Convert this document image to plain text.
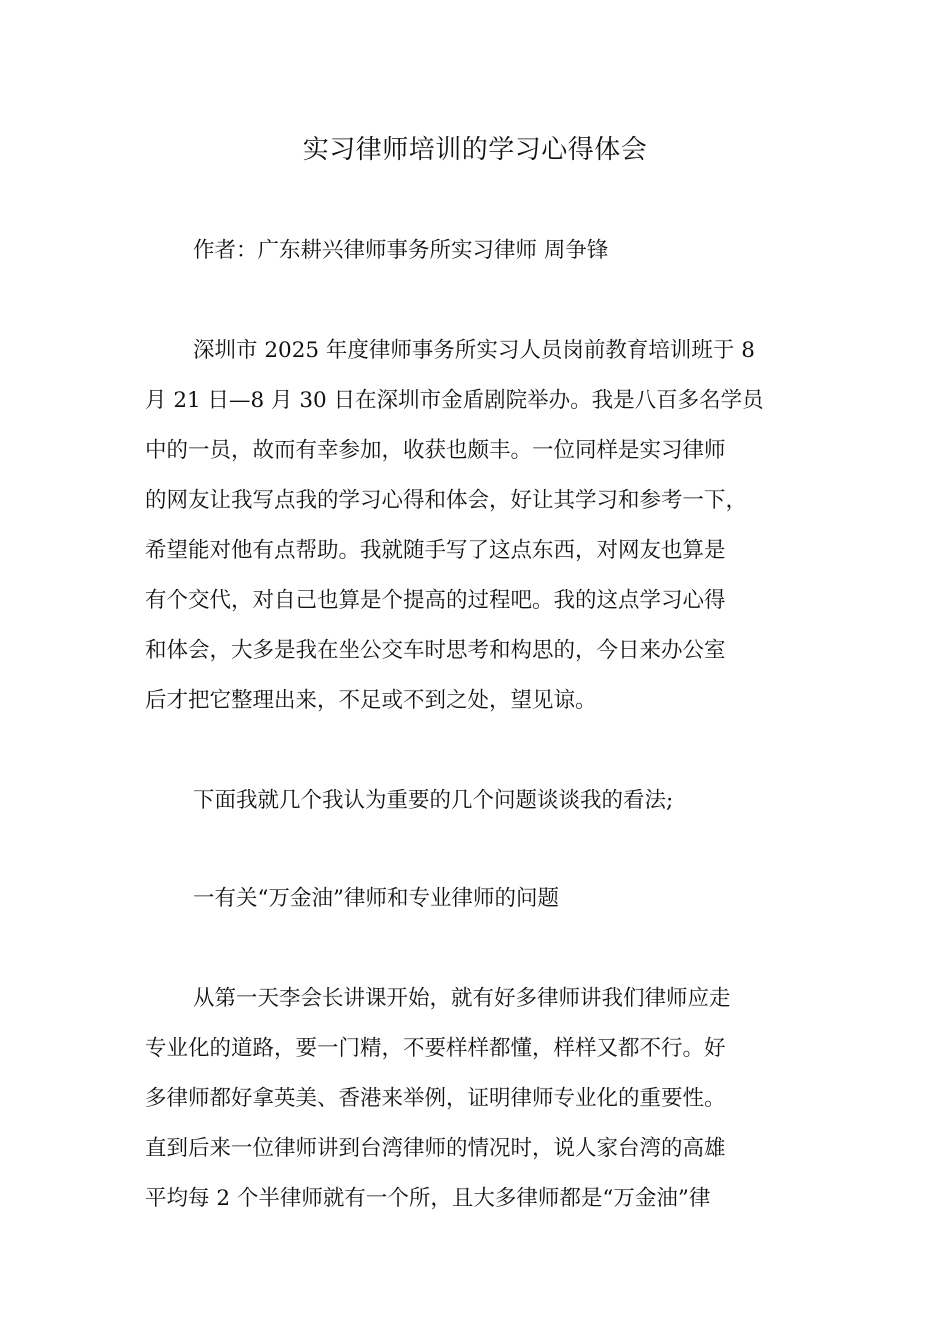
实习律师培训的学习心得体会
作者：广东耕兴律师事务所实习律师 周争锋
深圳市 2025 年度律师事务所实习人员岗前教育培训班于 8
月 21 日—8 月 30 日在深圳市金盾剧院举办。我是八百多名学员
中的一员，故而有幸参加，收获也颇丰。一位同样是实习律师
的网友让我写点我的学习心得和体会，好让其学习和参考一下，
希望能对他有点帮助。我就随手写了这点东西，对网友也算是
有个交代，对自己也算是个提高的过程吧。我的这点学习心得
和体会，大多是我在坐公交车时思考和构思的，今日来办公室
后才把它整理出来，不足或不到之处，望见谅。
下面我就几个我认为重要的几个问题谈谈我的看法;
一有关“万金油”律师和专业律师的问题
从第一天李会长讲课开始，就有好多律师讲我们律师应走
专业化的道路，要一门精，不要样样都懂，样样又都不行。好
多律师都好拿英美、香港来举例，证明律师专业化的重要性。
直到后来一位律师讲到台湾律师的情况时，说人家台湾的高雄
平均每 2 个半律师就有一个所，且大多律师都是“万金油”律
